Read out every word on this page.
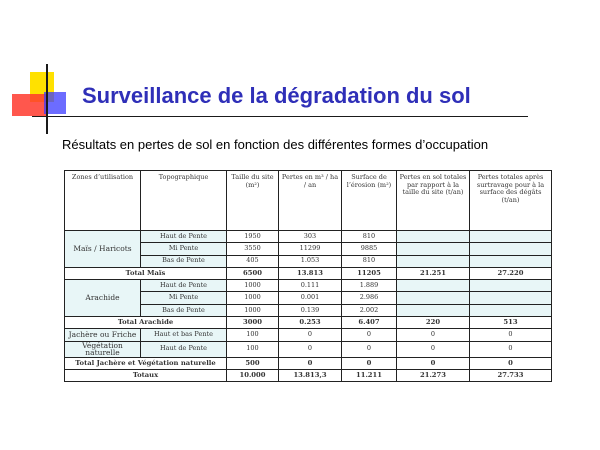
Surveillance de la dégradation du sol

Résultats en pertes de sol en fonction des différentes formes d’occupation

Zones d’utilisation	Topographique	Taille du site (m²)	Pertes en m³ / ha / an	Surface de l’érosion (m²)	Pertes en sol totales par rapport à la taille du site (t/an)	Pertes totales après surtravage pour à la surface des dégâts (t/an)
Maïs / Haricots	Haut de Pente	1950	303	810		
	Mi Pente	3550	11299	9885		
	Bas de Pente	405	1.053	810		
Total Maïs		6500	13.813	11205	21.251	27.220
Arachide	Haut de Pente	1000	0.111	1.889		
	Mi Pente	1000	0.001	2.986		
	Bas de Pente	1000	0.139	2.002		
Total Arachide		3000	0.253	6.407	220	513
Jachère ou Friche	Haut et bas Pente	100	0	0	0	0
Végétation naturelle	Haut de Pente	100	0	0	0	0
Total Jachère et Végétation naturelle		500	0	0	0	0
Totaux		10.000	13.813,3	11.211	21.273	27.733
